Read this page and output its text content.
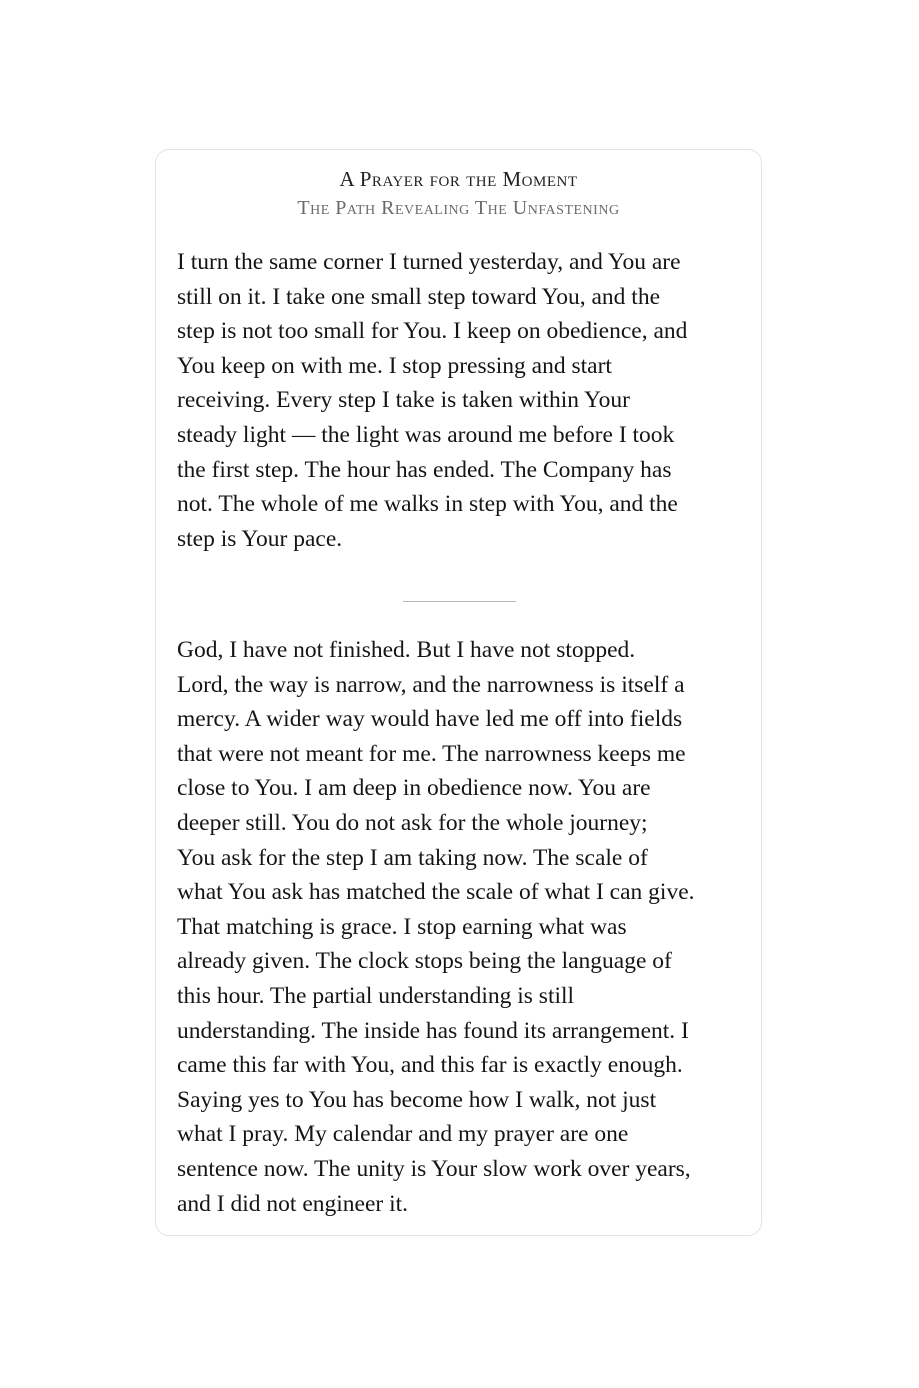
A Prayer for the Moment
The Path Revealing The Unfastening

I turn the same corner I turned yesterday, and You are
still on it. I take one small step toward You, and the
step is not too small for You. I keep on obedience, and
You keep on with me. I stop pressing and start
receiving. Every step I take is taken within Your
steady light — the light was around me before I took
the first step. The hour has ended. The Company has
not. The whole of me walks in step with You, and the
step is Your pace.

God, I have not finished. But I have not stopped.
Lord, the way is narrow, and the narrowness is itself a
mercy. A wider way would have led me off into fields
that were not meant for me. The narrowness keeps me
close to You. I am deep in obedience now. You are
deeper still. You do not ask for the whole journey;
You ask for the step I am taking now. The scale of
what You ask has matched the scale of what I can give.
That matching is grace. I stop earning what was
already given. The clock stops being the language of
this hour. The partial understanding is still
understanding. The inside has found its arrangement. I
came this far with You, and this far is exactly enough.
Saying yes to You has become how I walk, not just
what I pray. My calendar and my prayer are one
sentence now. The unity is Your slow work over years,
and I did not engineer it.
